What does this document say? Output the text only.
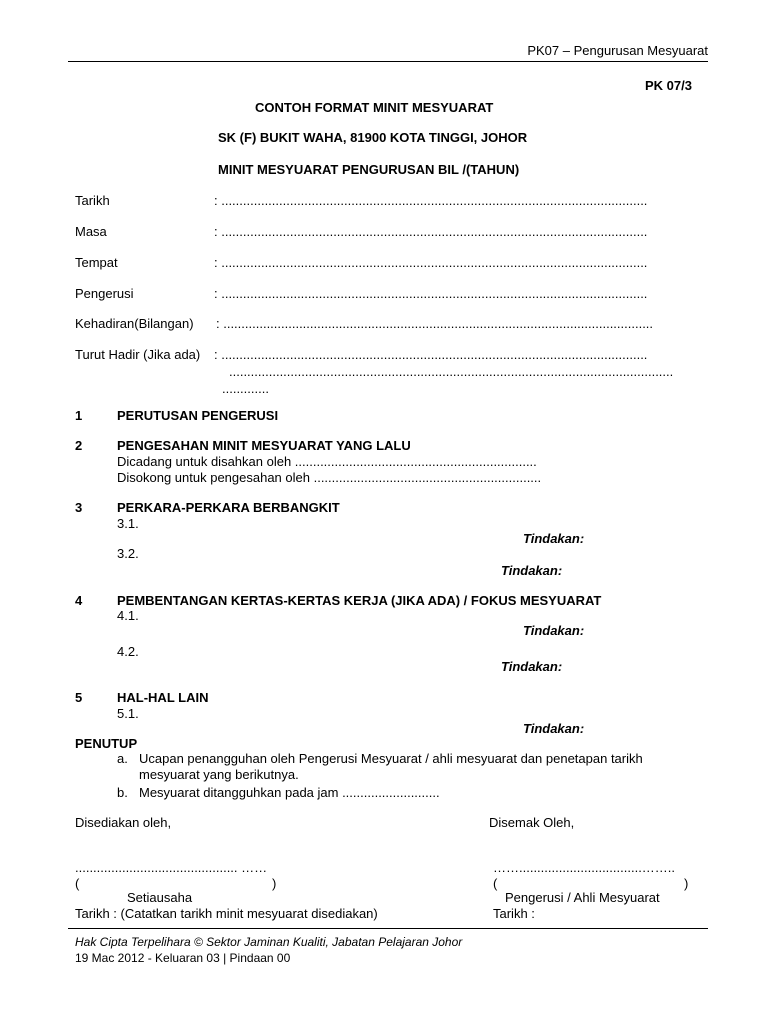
PK07 – Pengurusan Mesyuarat
PK 07/3
CONTOH FORMAT MINIT MESYUARAT
SK (F) BUKIT WAHA, 81900 KOTA TINGGI, JOHOR
MINIT MESYUARAT PENGURUSAN BIL /(TAHUN)
Tarikh	: ......................................................................................................................
Masa	: ......................................................................................................................
Tempat	: ......................................................................................................................
Pengerusi	: ......................................................................................................................
Kehadiran(Bilangan) : .......................................................................................................................
Turut Hadir (Jika ada) : ......................................................................................................................
...........................................................................................................................
.............
1	PERUTUSAN PENGERUSI
2	PENGESAHAN MINIT MESYUARAT YANG LALU
Dicadang untuk disahkan oleh ...................................................................
Disokong untuk pengesahan oleh ...............................................................
3	PERKARA-PERKARA BERBANGKIT
3.1.
Tindakan:
3.2.
Tindakan:
4	PEMBENTANGAN KERTAS-KERTAS KERJA (JIKA ADA) / FOKUS MESYUARAT
4.1.
Tindakan:
4.2.
Tindakan:
5	HAL-HAL LAIN
5.1.
Tindakan:
PENUTUP
a. Ucapan penangguhan oleh Pengerusi Mesyuarat / ahli mesyuarat dan penetapan tarikh
mesyuarat yang berikutnya.
b. Mesyuarat ditangguhkan pada jam ...........................
Disediakan oleh,	Disemak Oleh,
............................................. ……	……..................................……..
(	)	(	)
Setiausaha	Pengerusi / Ahli Mesyuarat
Tarikh : (Catatkan tarikh minit mesyuarat disediakan)	Tarikh :
Hak Cipta Terpelihara © Sektor Jaminan Kualiti, Jabatan Pelajaran Johor
19 Mac 2012 - Keluaran 03 | Pindaan 00
